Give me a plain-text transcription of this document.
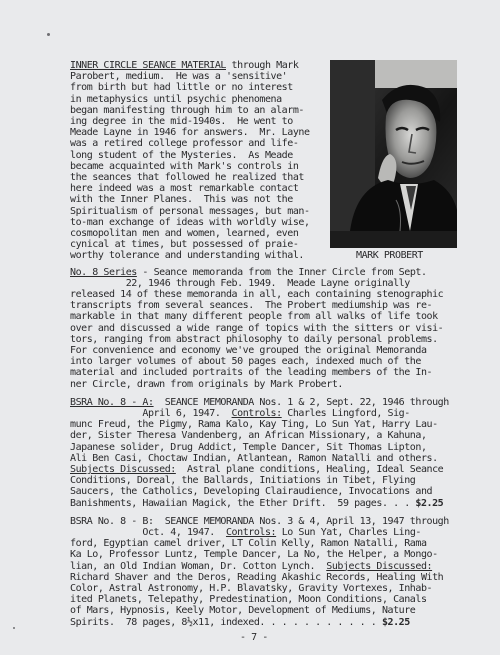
INNER CIRCLE SEANCE MATERIAL through Mark
Parobert, medium.  He was a 'sensitive'
from birth but had little or no interest
in metaphysics until psychic phenomena
began manifesting through him to an alarm-
ing degree in the mid-1940s.  He went to
Meade Layne in 1946 for answers.  Mr. Layne
was a retired college professor and life-
long student of the Mysteries.  As Meade
became acquainted with Mark's controls in
the seances that followed he realized that
here indeed was a most remarkable contact
with the Inner Planes.  This was not the
Spiritualism of personal messages, but man-
to-man exchange of ideas with worldly wise,
cosmopolitan men and women, learned, even
cynical at times, but possessed of praie-
worthy tolerance and understanding withal.	MARK PROBERT
No. 8 Series - Seance memoranda from the Inner Circle from Sept.
22, 1946 through Feb. 1949.  Meade Layne originally
released 14 of these memoranda in all, each containing stenographic
transcripts from several seances.  The Probert mediumship was re-
markable in that many different people from all walks of life took
over and discussed a wide range of topics with the sitters or visi-
tors, ranging from abstract philosophy to daily personal problems.
For convenience and economy we've grouped the original Memoranda
into larger volumes of about 50 pages each, indexed much of the
material and included portraits of the leading members of the In-
ner Circle, drawn from originals by Mark Probert.
BSRA No. 8 - A:  SEANCE MEMORANDA Nos. 1 & 2, Sept. 22, 1946 through
April 6, 1947.  Controls: Charles Lingford, Sig-
munc Freud, the Pigmy, Rama Kalo, Kay Ting, Lo Sun Yat, Harry Lau-
der, Sister Theresa Vandenberg, an African Missionary, a Kahuna,
Japanese solider, Drug Addict, Temple Dancer, Sit Thomas Lipton,
Ali Ben Casi, Choctaw Indian, Atlantean, Ramon Natalli and others.
Subjects Discussed:  Astral plane conditions, Healing, Ideal Seance
Conditions, Doreal, the Ballards, Initiations in Tibet, Flying
Saucers, the Catholics, Developing Clairaudience, Invocations and
Banishments, Hawaiian Magick, the Ether Drift.  59 pages. . . $2.25
BSRA No. 8 - B:  SEANCE MEMORANDA Nos. 3 & 4, April 13, 1947 through
Oct. 4, 1947.  Controls: Lo Sun Yat, Charles Ling-
ford, Egyptian camel driver, LT Colin Kelly, Ramon Natalli, Rama
Ka Lo, Professor Luntz, Temple Dancer, La No, the Helper, a Mongo-
lian, an Old Indian Woman, Dr. Cotton Lynch.  Subjects Discussed:
Richard Shaver and the Deros, Reading Akashic Records, Healing With
Color, Astral Astronomy, H.P. Blavatsky, Gravity Vortexes, Inhab-
ited Planets, Telepathy, Predestination, Moon Conditions, Canals
of Mars, Hypnosis, Keely Motor, Development of Mediums, Nature
Spirits.  78 pages, 8½x11, indexed. . . . . . . . . . . $2.25
- 7 -
